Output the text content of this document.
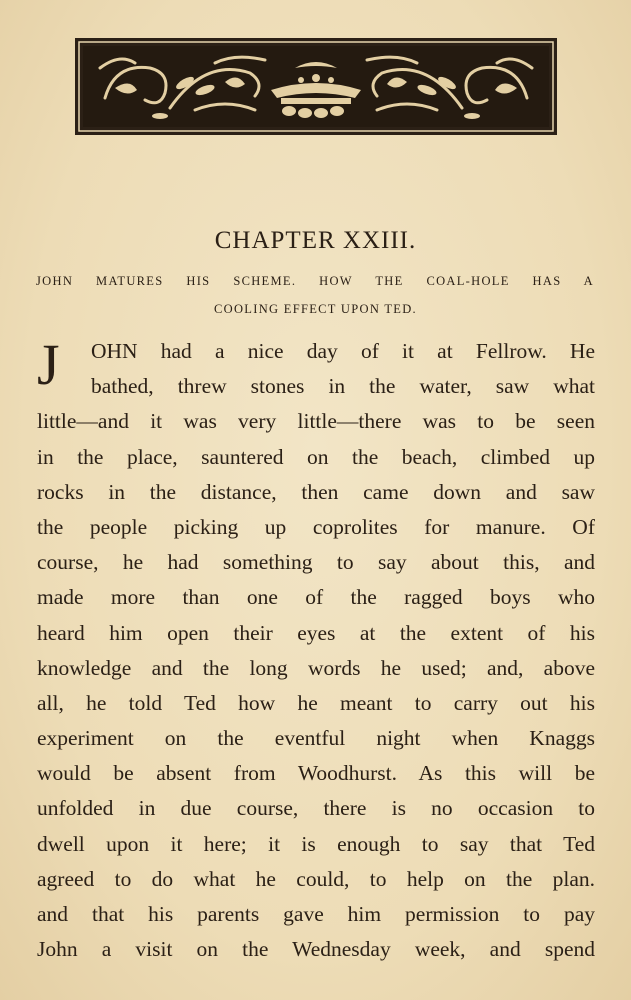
CHAPTER XXIII.
JOHN MATURES HIS SCHEME. HOW THE COAL-HOLE HAS A
COOLING EFFECT UPON TED.
J	OHN had a nice day of it at Fellrow. He
bathed, threw stones in the water, saw what
little—and it was very little—there was to be seen
in the place, sauntered on the beach, climbed up
rocks in the distance, then came down and saw
the people picking up coprolites for manure. Of
course, he had something to say about this, and
made more than one of the ragged boys who
heard him open their eyes at the extent of his
knowledge and the long words he used; and, above
all, he told Ted how he meant to carry out his
experiment on the eventful night when Knaggs
would be absent from Woodhurst. As this will be
unfolded in due course, there is no occasion to
dwell upon it here; it is enough to say that Ted
agreed to do what he could, to help on the plan.
and that his parents gave him permission to pay
John a visit on the Wednesday week, and spend
